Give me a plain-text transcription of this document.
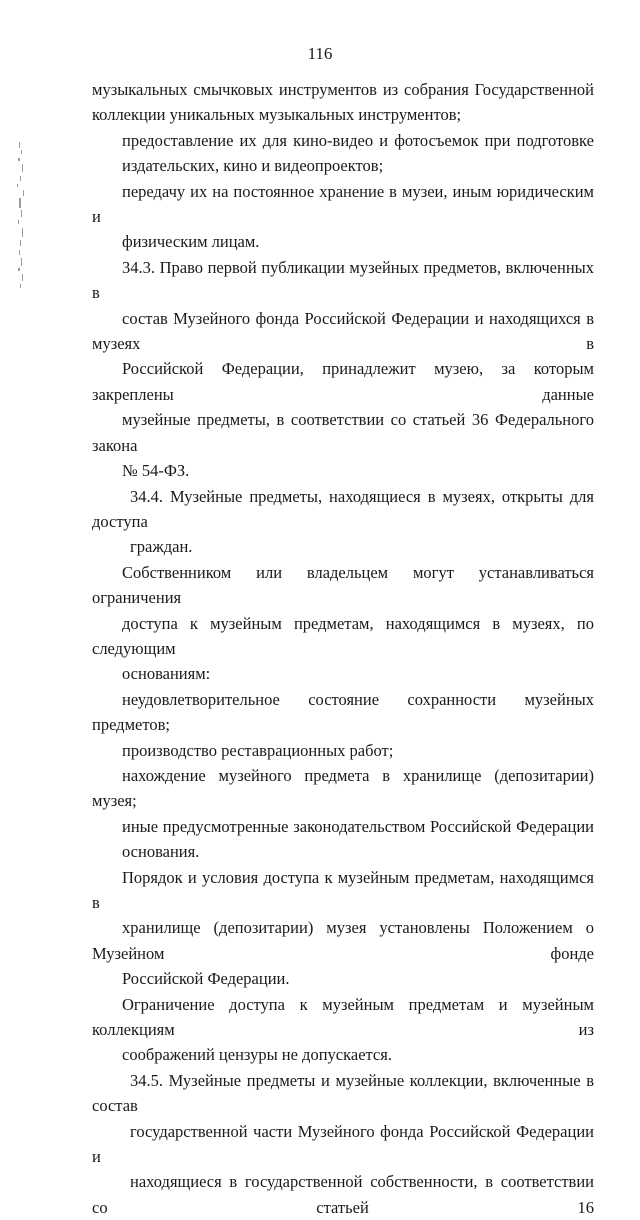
116

музыкальных смычковых инструментов из собрания Государственной
коллекции уникальных музыкальных инструментов;

предоставление их для кино-видео и фотосъемок при подготовке
издательских, кино и видеопроектов;

передачу их на постоянное хранение в музеи, иным юридическим и
физическим лицам.

34.3. Право первой публикации музейных предметов, включенных в
состав Музейного фонда Российской Федерации и находящихся в музеях в
Российской Федерации, принадлежит музею, за которым закреплены данные
музейные предметы, в соответствии со статьей 36 Федерального закона
№ 54-ФЗ.

34.4. Музейные предметы, находящиеся в музеях, открыты для доступа
граждан.

Собственником или владельцем могут устанавливаться ограничения
доступа к музейным предметам, находящимся в музеях, по следующим
основаниям:

неудовлетворительное состояние сохранности музейных предметов;

производство реставрационных работ;

нахождение музейного предмета в хранилище (депозитарии) музея;

иные предусмотренные законодательством Российской Федерации
основания.

Порядок и условия доступа к музейным предметам, находящимся в
хранилище (депозитарии) музея установлены Положением о Музейном фонде
Российской Федерации.

Ограничение доступа к музейным предметам и музейным коллекциям из
соображений цензуры не допускается.

34.5. Музейные предметы и музейные коллекции, включенные в состав
государственной части Музейного фонда Российской Федерации и
находящиеся в государственной собственности, в соответствии со статьей 16
